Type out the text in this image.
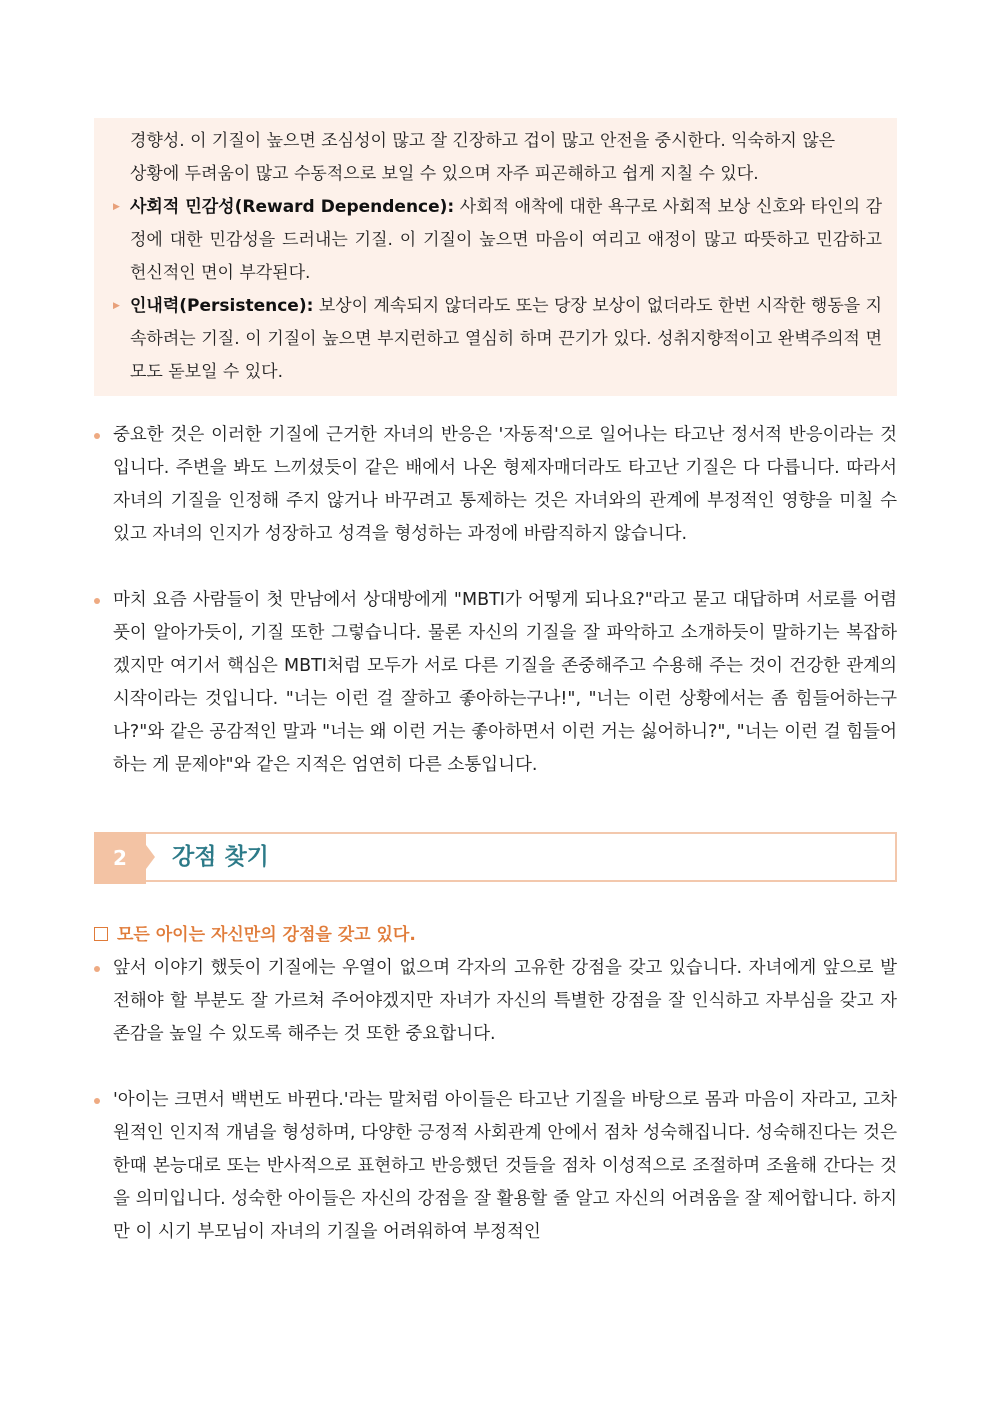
경향성. 이 기질이 높으면 조심성이 많고 잘 긴장하고 겁이 많고 안전을 중시한다. 익숙하지 않은

상황에 두려움이 많고 수동적으로 보일 수 있으며 자주 피곤해하고 쉽게 지칠 수 있다.

▶ 사회적 민감성(Reward Dependence): 사회적 애착에 대한 욕구로 사회적 보상 신호와 타인의 감정에 대한 민감성을 드러내는 기질. 이 기질이 높으면 마음이 여리고 애정이 많고 따뜻하고 민감하고 헌신적인 면이 부각된다.

▶ 인내력(Persistence): 보상이 계속되지 않더라도 또는 당장 보상이 없더라도 한번 시작한 행동을 지속하려는 기질. 이 기질이 높으면 부지런하고 열심히 하며 끈기가 있다. 성취지향적이고 완벽주의적 면모도 돋보일 수 있다.

중요한 것은 이러한 기질에 근거한 자녀의 반응은 '자동적'으로 일어나는 타고난 정서적 반응이라는 것입니다. 주변을 봐도 느끼셨듯이 같은 배에서 나온 형제자매더라도 타고난 기질은 다 다릅니다. 따라서 자녀의 기질을 인정해 주지 않거나 바꾸려고 통제하는 것은 자녀와의 관계에 부정적인 영향을 미칠 수 있고 자녀의 인지가 성장하고 성격을 형성하는 과정에 바람직하지 않습니다.

마치 요즘 사람들이 첫 만남에서 상대방에게 "MBTI가 어떻게 되나요?"라고 묻고 대답하며 서로를 어렴풋이 알아가듯이, 기질 또한 그렇습니다. 물론 자신의 기질을 잘 파악하고 소개하듯이 말하기는 복잡하겠지만 여기서 핵심은 MBTI처럼 모두가 서로 다른 기질을 존중해주고 수용해 주는 것이 건강한 관계의 시작이라는 것입니다. "너는 이런 걸 잘하고 좋아하는구나!", "너는 이런 상황에서는 좀 힘들어하는구나?"와 같은 공감적인 말과 "너는 왜 이런 거는 좋아하면서 이런 거는 싫어하니?", "너는 이런 걸 힘들어하는 게 문제야"와 같은 지적은 엄연히 다른 소통입니다.

2 강점 찾기

모든 아이는 자신만의 강점을 갖고 있다.

앞서 이야기 했듯이 기질에는 우열이 없으며 각자의 고유한 강점을 갖고 있습니다. 자녀에게 앞으로 발전해야 할 부분도 잘 가르쳐 주어야겠지만 자녀가 자신의 특별한 강점을 잘 인식하고 자부심을 갖고 자존감을 높일 수 있도록 해주는 것 또한 중요합니다.

'아이는 크면서 백번도 바뀐다.'라는 말처럼 아이들은 타고난 기질을 바탕으로 몸과 마음이 자라고, 고차원적인 인지적 개념을 형성하며, 다양한 긍정적 사회관계 안에서 점차 성숙해집니다. 성숙해진다는 것은 한때 본능대로 또는 반사적으로 표현하고 반응했던 것들을 점차 이성적으로 조절하며 조율해 간다는 것을 의미입니다. 성숙한 아이들은 자신의 강점을 잘 활용할 줄 알고 자신의 어려움을 잘 제어합니다. 하지만 이 시기 부모님이 자녀의 기질을 어려워하여 부정적인
